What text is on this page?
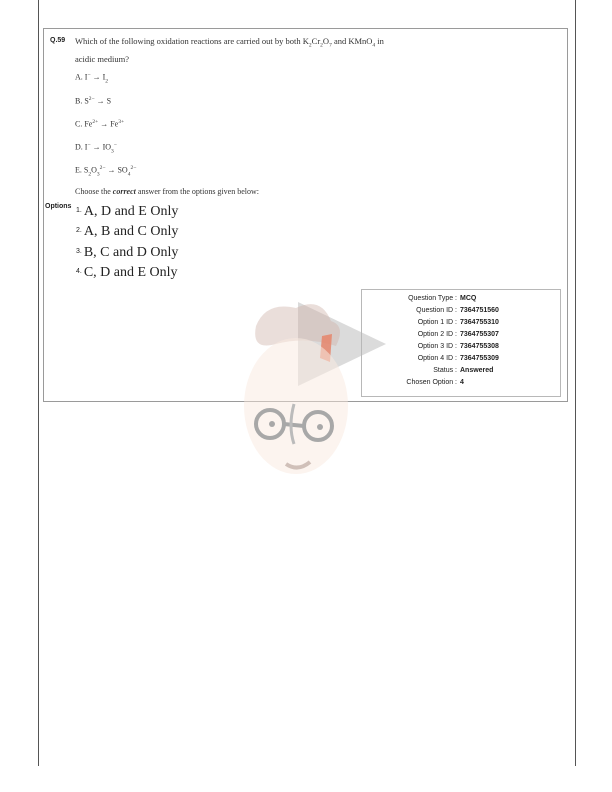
Q.59 Which of the following oxidation reactions are carried out by both $K_2Cr_2O_7$ and KMnO$_4$ in
acidic medium?
A. $I^- \to I_2$
B. $S^{2-} \to S$
C. $Fe^{2+} \to Fe^{3+}$
D. $I^- \to IO_3^-$
E. $S_2O_3^{2-} \to SO_4^{2-}$
Choose the correct answer from the options given below:
Options
$^{1.}$ A, D and E Only
$^{2.}$ A, B and C Only
$^{3.}$ B, C and D Only
$^{4.}$ C, D and E Only
Question Type : MCQ
Question ID : 7364751560
Option 1 ID : 7364755310
Option 2 ID : 7364755307
Option 3 ID : 7364755308
Option 4 ID : 7364755309
Status : Answered
Chosen Option : 4
